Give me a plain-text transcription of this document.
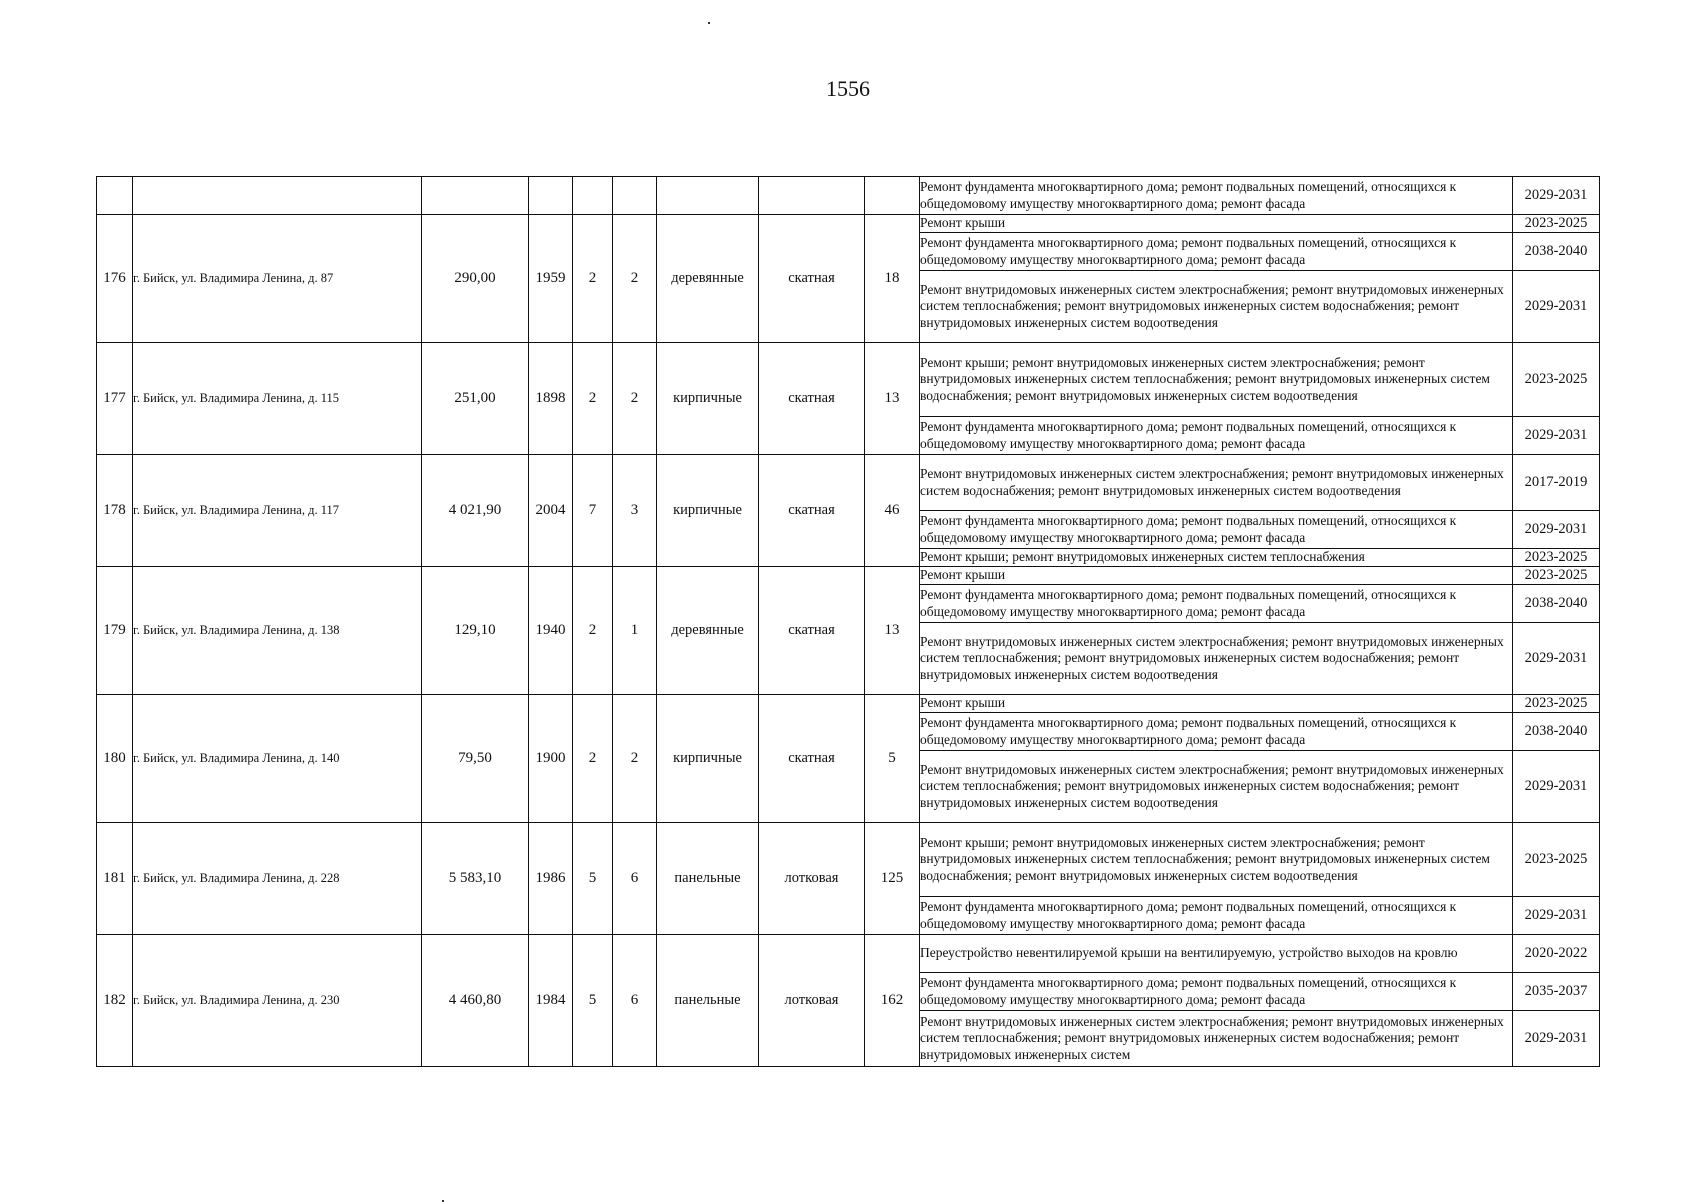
1556
									Ремонт фундамента многоквартирного дома; ремонт подвальных помещений, относящихся к общедомовому имуществу многоквартирного дома; ремонт фасада	2029-2031
176	г. Бийск, ул. Владимира Ленина, д. 87	290,00	1959	2	2	деревянные	скатная	18	Ремонт крыши	2023-2025
									Ремонт фундамента многоквартирного дома; ремонт подвальных помещений, относящихся к общедомовому имуществу многоквартирного дома; ремонт фасада	2038-2040
									Ремонт внутридомовых инженерных систем электроснабжения; ремонт внутридомовых инженерных систем теплоснабжения; ремонт внутридомовых инженерных систем водоснабжения; ремонт внутридомовых инженерных систем водоотведения	2029-2031
177	г. Бийск, ул. Владимира Ленина, д. 115	251,00	1898	2	2	кирпичные	скатная	13	Ремонт крыши; ремонт внутридомовых инженерных систем электроснабжения; ремонт внутридомовых инженерных систем теплоснабжения; ремонт внутридомовых инженерных систем водоснабжения; ремонт внутридомовых инженерных систем водоотведения	2023-2025
									Ремонт фундамента многоквартирного дома; ремонт подвальных помещений, относящихся к общедомовому имуществу многоквартирного дома; ремонт фасада	2029-2031
178	г. Бийск, ул. Владимира Ленина, д. 117	4 021,90	2004	7	3	кирпичные	скатная	46	Ремонт внутридомовых инженерных систем электроснабжения; ремонт внутридомовых инженерных систем водоснабжения; ремонт внутридомовых инженерных систем водоотведения	2017-2019
									Ремонт фундамента многоквартирного дома; ремонт подвальных помещений, относящихся к общедомовому имуществу многоквартирного дома; ремонт фасада	2029-2031
									Ремонт крыши; ремонт внутридомовых инженерных систем теплоснабжения	2023-2025
179	г. Бийск, ул. Владимира Ленина, д. 138	129,10	1940	2	1	деревянные	скатная	13	Ремонт крыши	2023-2025
									Ремонт фундамента многоквартирного дома; ремонт подвальных помещений, относящихся к общедомовому имуществу многоквартирного дома; ремонт фасада	2038-2040
									Ремонт внутридомовых инженерных систем электроснабжения; ремонт внутридомовых инженерных систем теплоснабжения; ремонт внутридомовых инженерных систем водоснабжения; ремонт внутридомовых инженерных систем водоотведения	2029-2031
180	г. Бийск, ул. Владимира Ленина, д. 140	79,50	1900	2	2	кирпичные	скатная	5	Ремонт крыши	2023-2025
									Ремонт фундамента многоквартирного дома; ремонт подвальных помещений, относящихся к общедомовому имуществу многоквартирного дома; ремонт фасада	2038-2040
									Ремонт внутридомовых инженерных систем электроснабжения; ремонт внутридомовых инженерных систем теплоснабжения; ремонт внутридомовых инженерных систем водоснабжения; ремонт внутридомовых инженерных систем водоотведения	2029-2031
181	г. Бийск, ул. Владимира Ленина, д. 228	5 583,10	1986	5	6	панельные	лотковая	125	Ремонт крыши; ремонт внутридомовых инженерных систем электроснабжения; ремонт внутридомовых инженерных систем теплоснабжения; ремонт внутридомовых инженерных систем водоснабжения; ремонт внутридомовых инженерных систем водоотведения	2023-2025
									Ремонт фундамента многоквартирного дома; ремонт подвальных помещений, относящихся к общедомовому имуществу многоквартирного дома; ремонт фасада	2029-2031
182	г. Бийск, ул. Владимира Ленина, д. 230	4 460,80	1984	5	6	панельные	лотковая	162	Переустройство невентилируемой крыши на вентилируемую, устройство выходов на кровлю	2020-2022
									Ремонт фундамента многоквартирного дома; ремонт подвальных помещений, относящихся к общедомовому имуществу многоквартирного дома; ремонт фасада	2035-2037
									Ремонт внутридомовых инженерных систем электроснабжения; ремонт внутридомовых инженерных систем теплоснабжения; ремонт внутридомовых инженерных систем водоснабжения; ремонт внутридомовых инженерных систем	2029-2031
